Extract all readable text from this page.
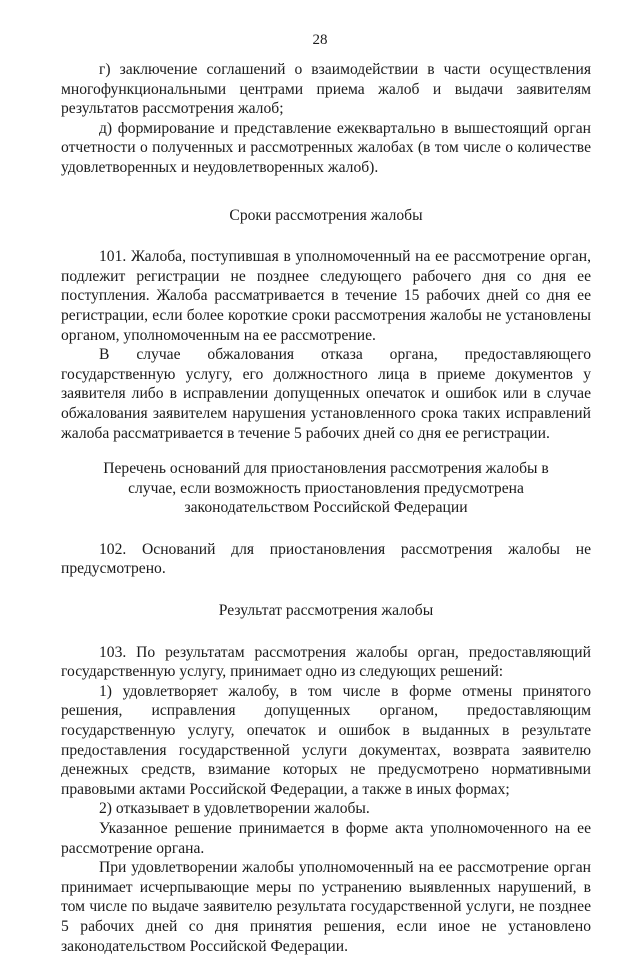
28

г) заключение соглашений о взаимодействии в части осуществления многофункциональными центрами приема жалоб и выдачи заявителям результатов рассмотрения жалоб;

д) формирование и представление ежеквартально в вышестоящий орган отчетности о полученных и рассмотренных жалобах (в том числе о количестве удовлетворенных и неудовлетворенных жалоб).

Сроки рассмотрения жалобы

101. Жалоба, поступившая в уполномоченный на ее рассмотрение орган, подлежит регистрации не позднее следующего рабочего дня со дня ее поступления. Жалоба рассматривается в течение 15 рабочих дней со дня ее регистрации, если более короткие сроки рассмотрения жалобы не установлены органом, уполномоченным на ее рассмотрение.

В случае обжалования отказа органа, предоставляющего государственную услугу, его должностного лица в приеме документов у заявителя либо в исправлении допущенных опечаток и ошибок или в случае обжалования заявителем нарушения установленного срока таких исправлений жалоба рассматривается в течение 5 рабочих дней со дня ее регистрации.

Перечень оснований для приостановления рассмотрения жалобы в случае, если возможность приостановления предусмотрена законодательством Российской Федерации

102. Оснований для приостановления рассмотрения жалобы не предусмотрено.

Результат рассмотрения жалобы

103. По результатам рассмотрения жалобы орган, предоставляющий государственную услугу, принимает одно из следующих решений:

1) удовлетворяет жалобу, в том числе в форме отмены принятого решения, исправления допущенных органом, предоставляющим государственную услугу, опечаток и ошибок в выданных в результате предоставления государственной услуги документах, возврата заявителю денежных средств, взимание которых не предусмотрено нормативными правовыми актами Российской Федерации, а также в иных формах;

2) отказывает в удовлетворении жалобы.

Указанное решение принимается в форме акта уполномоченного на ее рассмотрение органа.

При удовлетворении жалобы уполномоченный на ее рассмотрение орган принимает исчерпывающие меры по устранению выявленных нарушений, в том числе по выдаче заявителю результата государственной услуги, не позднее 5 рабочих дней со дня принятия решения, если иное не установлено законодательством Российской Федерации.
